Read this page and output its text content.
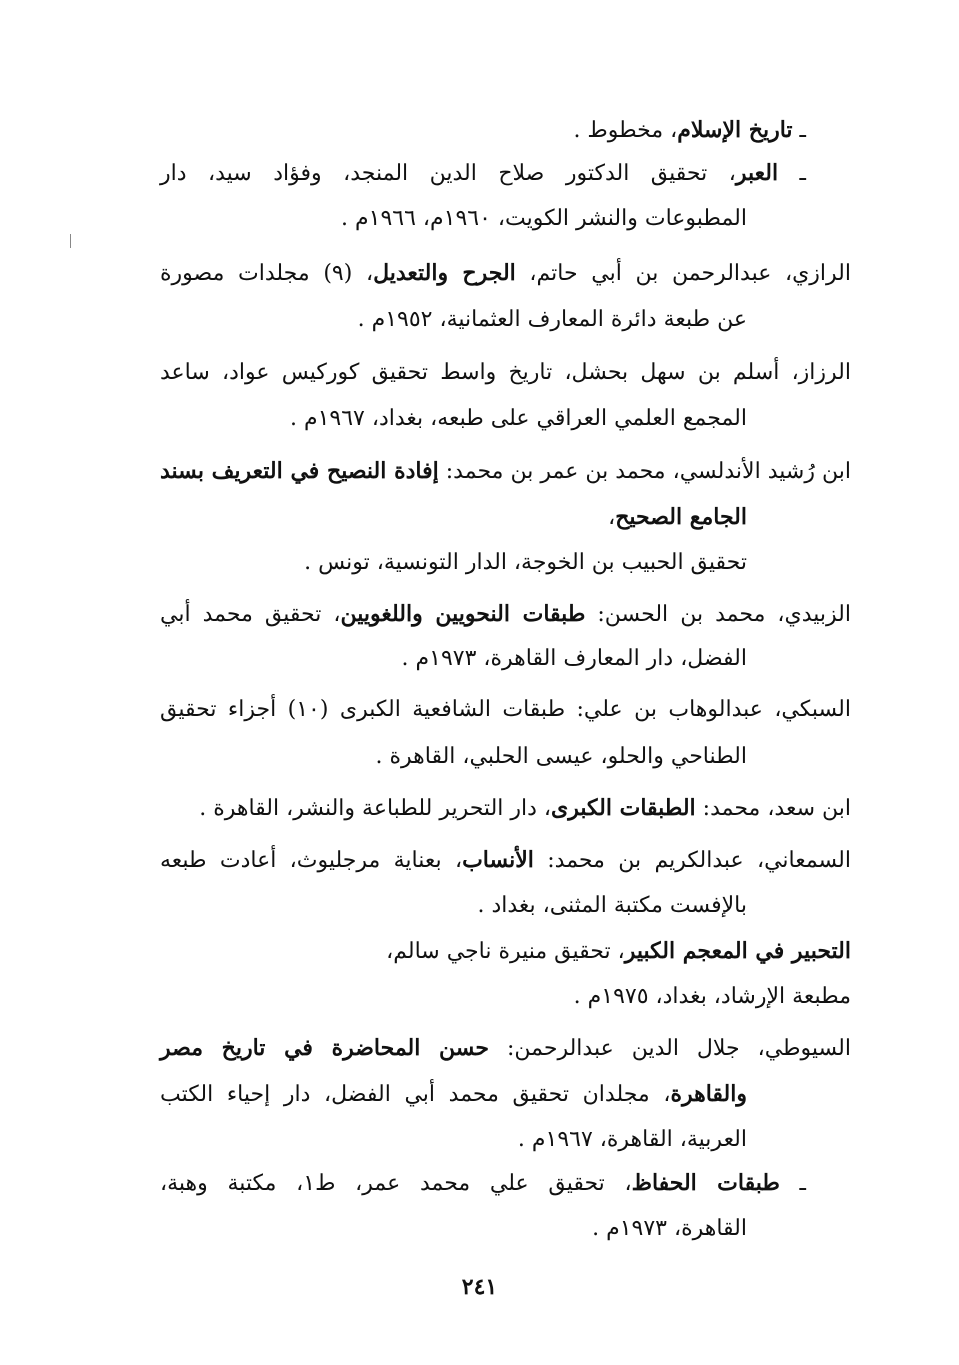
ـ تاريخ الإسلام، مخطوط .
ـ العبر، تحقيق الدكتور صلاح الدين المنجد، وفؤاد سيد، دار
المطبوعات والنشر الكويت، ١٩٦٠م، ١٩٦٦م .
الرازي، عبدالرحمن بن أبي حاتم، الجرح والتعديل، (٩) مجلدات مصورة
عن طبعة دائرة المعارف العثمانية، ١٩٥٢م .
الرزاز، أسلم بن سهل بحشل، تاريخ واسط تحقيق كوركيس عواد، ساعد
المجمع العلمي العراقي على طبعه، بغداد، ١٩٦٧م .
ابن رُشيد الأندلسي، محمد بن عمر بن محمد: إفادة النصيح في التعريف بسند
الجامع الصحيح،
تحقيق الحبيب بن الخوجة، الدار التونسية، تونس .
الزبيدي، محمد بن الحسن: طبقات النحويين واللغويين، تحقيق محمد أبي
الفضل، دار المعارف القاهرة، ١٩٧٣م .
السبكي، عبدالوهاب بن علي: طبقات الشافعية الكبرى (١٠) أجزاء تحقيق
الطناحي والحلو، عيسى الحلبي، القاهرة .
ابن سعد، محمد: الطبقات الكبرى، دار التحرير للطباعة والنشر، القاهرة .
السمعاني، عبدالكريم بن محمد: الأنساب، بعناية مرجليوث، أعادت طبعه
بالإفست مكتبة المثنى، بغداد .
التحبير في المعجم الكبير، تحقيق منيرة ناجي سالم،
مطبعة الإرشاد، بغداد، ١٩٧٥م .
السيوطي، جلال الدين عبدالرحمن: حسن المحاضرة في تاريخ مصر
والقاهرة، مجلدان تحقيق محمد أبي الفضل، دار إحياء الكتب
العربية، القاهرة، ١٩٦٧م .
ـ طبقات الحفاظ، تحقيق علي محمد عمر، ط١، مكتبة وهبة،
القاهرة، ١٩٧٣م .
٢٤١
